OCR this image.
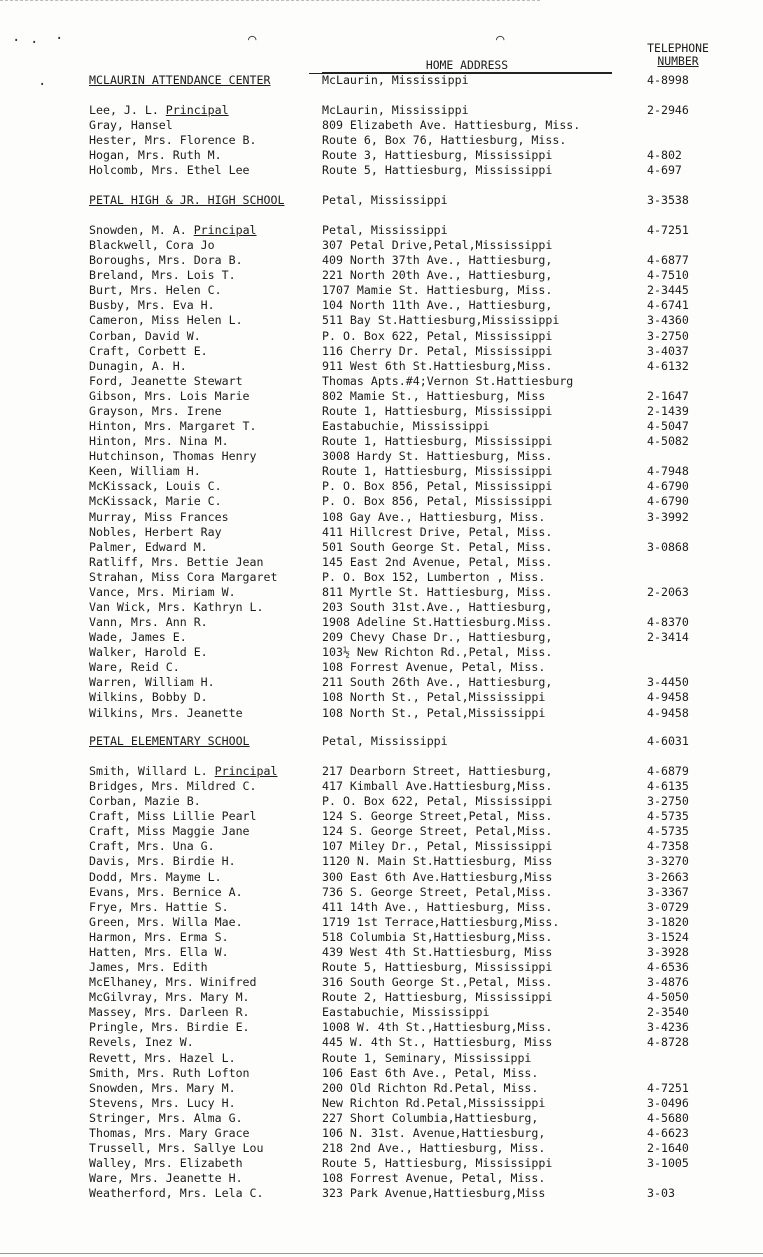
. . .
.
⌒	⌒
HOME ADDRESS
TELEPHONE
NUMBER
MCLAURIN ATTENDANCE CENTER	McLaurin, Mississippi	4-8998
Lee, J. L. Principal	McLaurin, Mississippi	2-2946
Gray, Hansel	809 Elizabeth Ave. Hattiesburg, Miss.
Hester, Mrs. Florence B.	Route 6, Box 76, Hattiesburg, Miss.
Hogan, Mrs. Ruth M.	Route 3, Hattiesburg, Mississippi	4-802
Holcomb, Mrs. Ethel Lee	Route 5, Hattiesburg, Mississippi	4-697
PETAL HIGH & JR. HIGH SCHOOL	Petal, Mississippi	3-3538
Snowden, M. A. Principal	Petal, Mississippi	4-7251
Blackwell, Cora Jo	307 Petal Drive,Petal,Mississippi
Boroughs, Mrs. Dora B.	409 North 37th Ave., Hattiesburg,	4-6877
Breland, Mrs. Lois T.	221 North 20th Ave., Hattiesburg,	4-7510
Burt, Mrs. Helen C.	1707 Mamie St. Hattiesburg, Miss.	2-3445
Busby, Mrs. Eva H.	104 North 11th Ave., Hattiesburg,	4-6741
Cameron, Miss Helen L.	511 Bay St.Hattiesburg,Mississippi	3-4360
Corban, David W.	P. O. Box 622, Petal, Mississippi	3-2750
Craft, Corbett E.	116 Cherry Dr. Petal, Mississippi	3-4037
Dunagin, A. H.	911 West 6th St.Hattiesburg,Miss.	4-6132
Ford, Jeanette Stewart	Thomas Apts.#4;Vernon St.Hattiesburg
Gibson, Mrs. Lois Marie	802 Mamie St., Hattiesburg, Miss	2-1647
Grayson, Mrs. Irene	Route 1, Hattiesburg, Mississippi	2-1439
Hinton, Mrs. Margaret T.	Eastabuchie, Mississippi	4-5047
Hinton, Mrs. Nina M.	Route 1, Hattiesburg, Mississippi	4-5082
Hutchinson, Thomas Henry	3008 Hardy St. Hattiesburg, Miss.
Keen, William H.	Route 1, Hattiesburg, Mississippi	4-7948
McKissack, Louis C.	P. O. Box 856, Petal, Mississippi	4-6790
McKissack, Marie C.	P. O. Box 856, Petal, Mississippi	4-6790
Murray, Miss Frances	108 Gay Ave., Hattiesburg, Miss.	3-3992
Nobles, Herbert Ray	411 Hillcrest Drive, Petal, Miss.
Palmer, Edward M.	501 South George St. Petal, Miss.	3-0868
Ratliff, Mrs. Bettie Jean	145 East 2nd Avenue, Petal, Miss.
Strahan, Miss Cora Margaret	P. O. Box 152, Lumberton , Miss.
Vance, Mrs. Miriam W.	811 Myrtle St. Hattiesburg, Miss.	2-2063
Van Wick, Mrs. Kathryn L.	203 South 31st.Ave., Hattiesburg,
Vann, Mrs. Ann R.	1908 Adeline St.Hattiesburg.Miss.	4-8370
Wade, James E.	209 Chevy Chase Dr., Hattiesburg,	2-3414
Walker, Harold E.	103½ New Richton Rd.,Petal, Miss.
Ware, Reid C.	108 Forrest Avenue, Petal, Miss.
Warren, William H.	211 South 26th Ave., Hattiesburg,	3-4450
Wilkins, Bobby D.	108 North St., Petal,Mississippi	4-9458
Wilkins, Mrs. Jeanette	108 North St., Petal,Mississippi	4-9458
PETAL ELEMENTARY SCHOOL	Petal, Mississippi	4-6031
Smith, Willard L. Principal	217 Dearborn Street, Hattiesburg,	4-6879
Bridges, Mrs. Mildred C.	417 Kimball Ave.Hattiesburg,Miss.	4-6135
Corban, Mazie B.	P. O. Box 622, Petal, Mississippi	3-2750
Craft, Miss Lillie Pearl	124 S. George Street,Petal, Miss.	4-5735
Craft, Miss Maggie Jane	124 S. George Street, Petal,Miss.	4-5735
Craft, Mrs. Una G.	107 Miley Dr., Petal, Mississippi	4-7358
Davis, Mrs. Birdie H.	1120 N. Main St.Hattiesburg, Miss	3-3270
Dodd, Mrs. Mayme L.	300 East 6th Ave.Hattiesburg,Miss	3-2663
Evans, Mrs. Bernice A.	736 S. George Street, Petal,Miss.	3-3367
Frye, Mrs. Hattie S.	411 14th Ave., Hattiesburg, Miss.	3-0729
Green, Mrs. Willa Mae.	1719 1st Terrace,Hattiesburg,Miss.	3-1820
Harmon, Mrs. Erma S.	518 Columbia St,Hattiesburg,Miss.	3-1524
Hatten, Mrs. Ella W.	439 West 4th St.Hattiesburg, Miss	3-3928
James, Mrs. Edith	Route 5, Hattiesburg, Mississippi	4-6536
McElhaney, Mrs. Winifred	316 South George St.,Petal, Miss.	3-4876
McGilvray, Mrs. Mary M.	Route 2, Hattiesburg, Mississippi	4-5050
Massey, Mrs. Darleen R.	Eastabuchie, Mississippi	2-3540
Pringle, Mrs. Birdie E.	1008 W. 4th St.,Hattiesburg,Miss.	3-4236
Revels, Inez W.	445 W. 4th St., Hattiesburg, Miss	4-8728
Revett, Mrs. Hazel L.	Route 1, Seminary, Mississippi
Smith, Mrs. Ruth Lofton	106 East 6th Ave., Petal, Miss.
Snowden, Mrs. Mary M.	200 Old Richton Rd.Petal, Miss.	4-7251
Stevens, Mrs. Lucy H.	New Richton Rd.Petal,Mississippi	3-0496
Stringer, Mrs. Alma G.	227 Short Columbia,Hattiesburg,	4-5680
Thomas, Mrs. Mary Grace	106 N. 31st. Avenue,Hattiesburg,	4-6623
Trussell, Mrs. Sallye Lou	218 2nd Ave., Hattiesburg, Miss.	2-1640
Walley, Mrs. Elizabeth	Route 5, Hattiesburg, Mississippi	3-1005
Ware, Mrs. Jeanette H.	108 Forrest Avenue, Petal, Miss.
Weatherford, Mrs. Lela C.	323 Park Avenue,Hattiesburg,Miss	3-03
